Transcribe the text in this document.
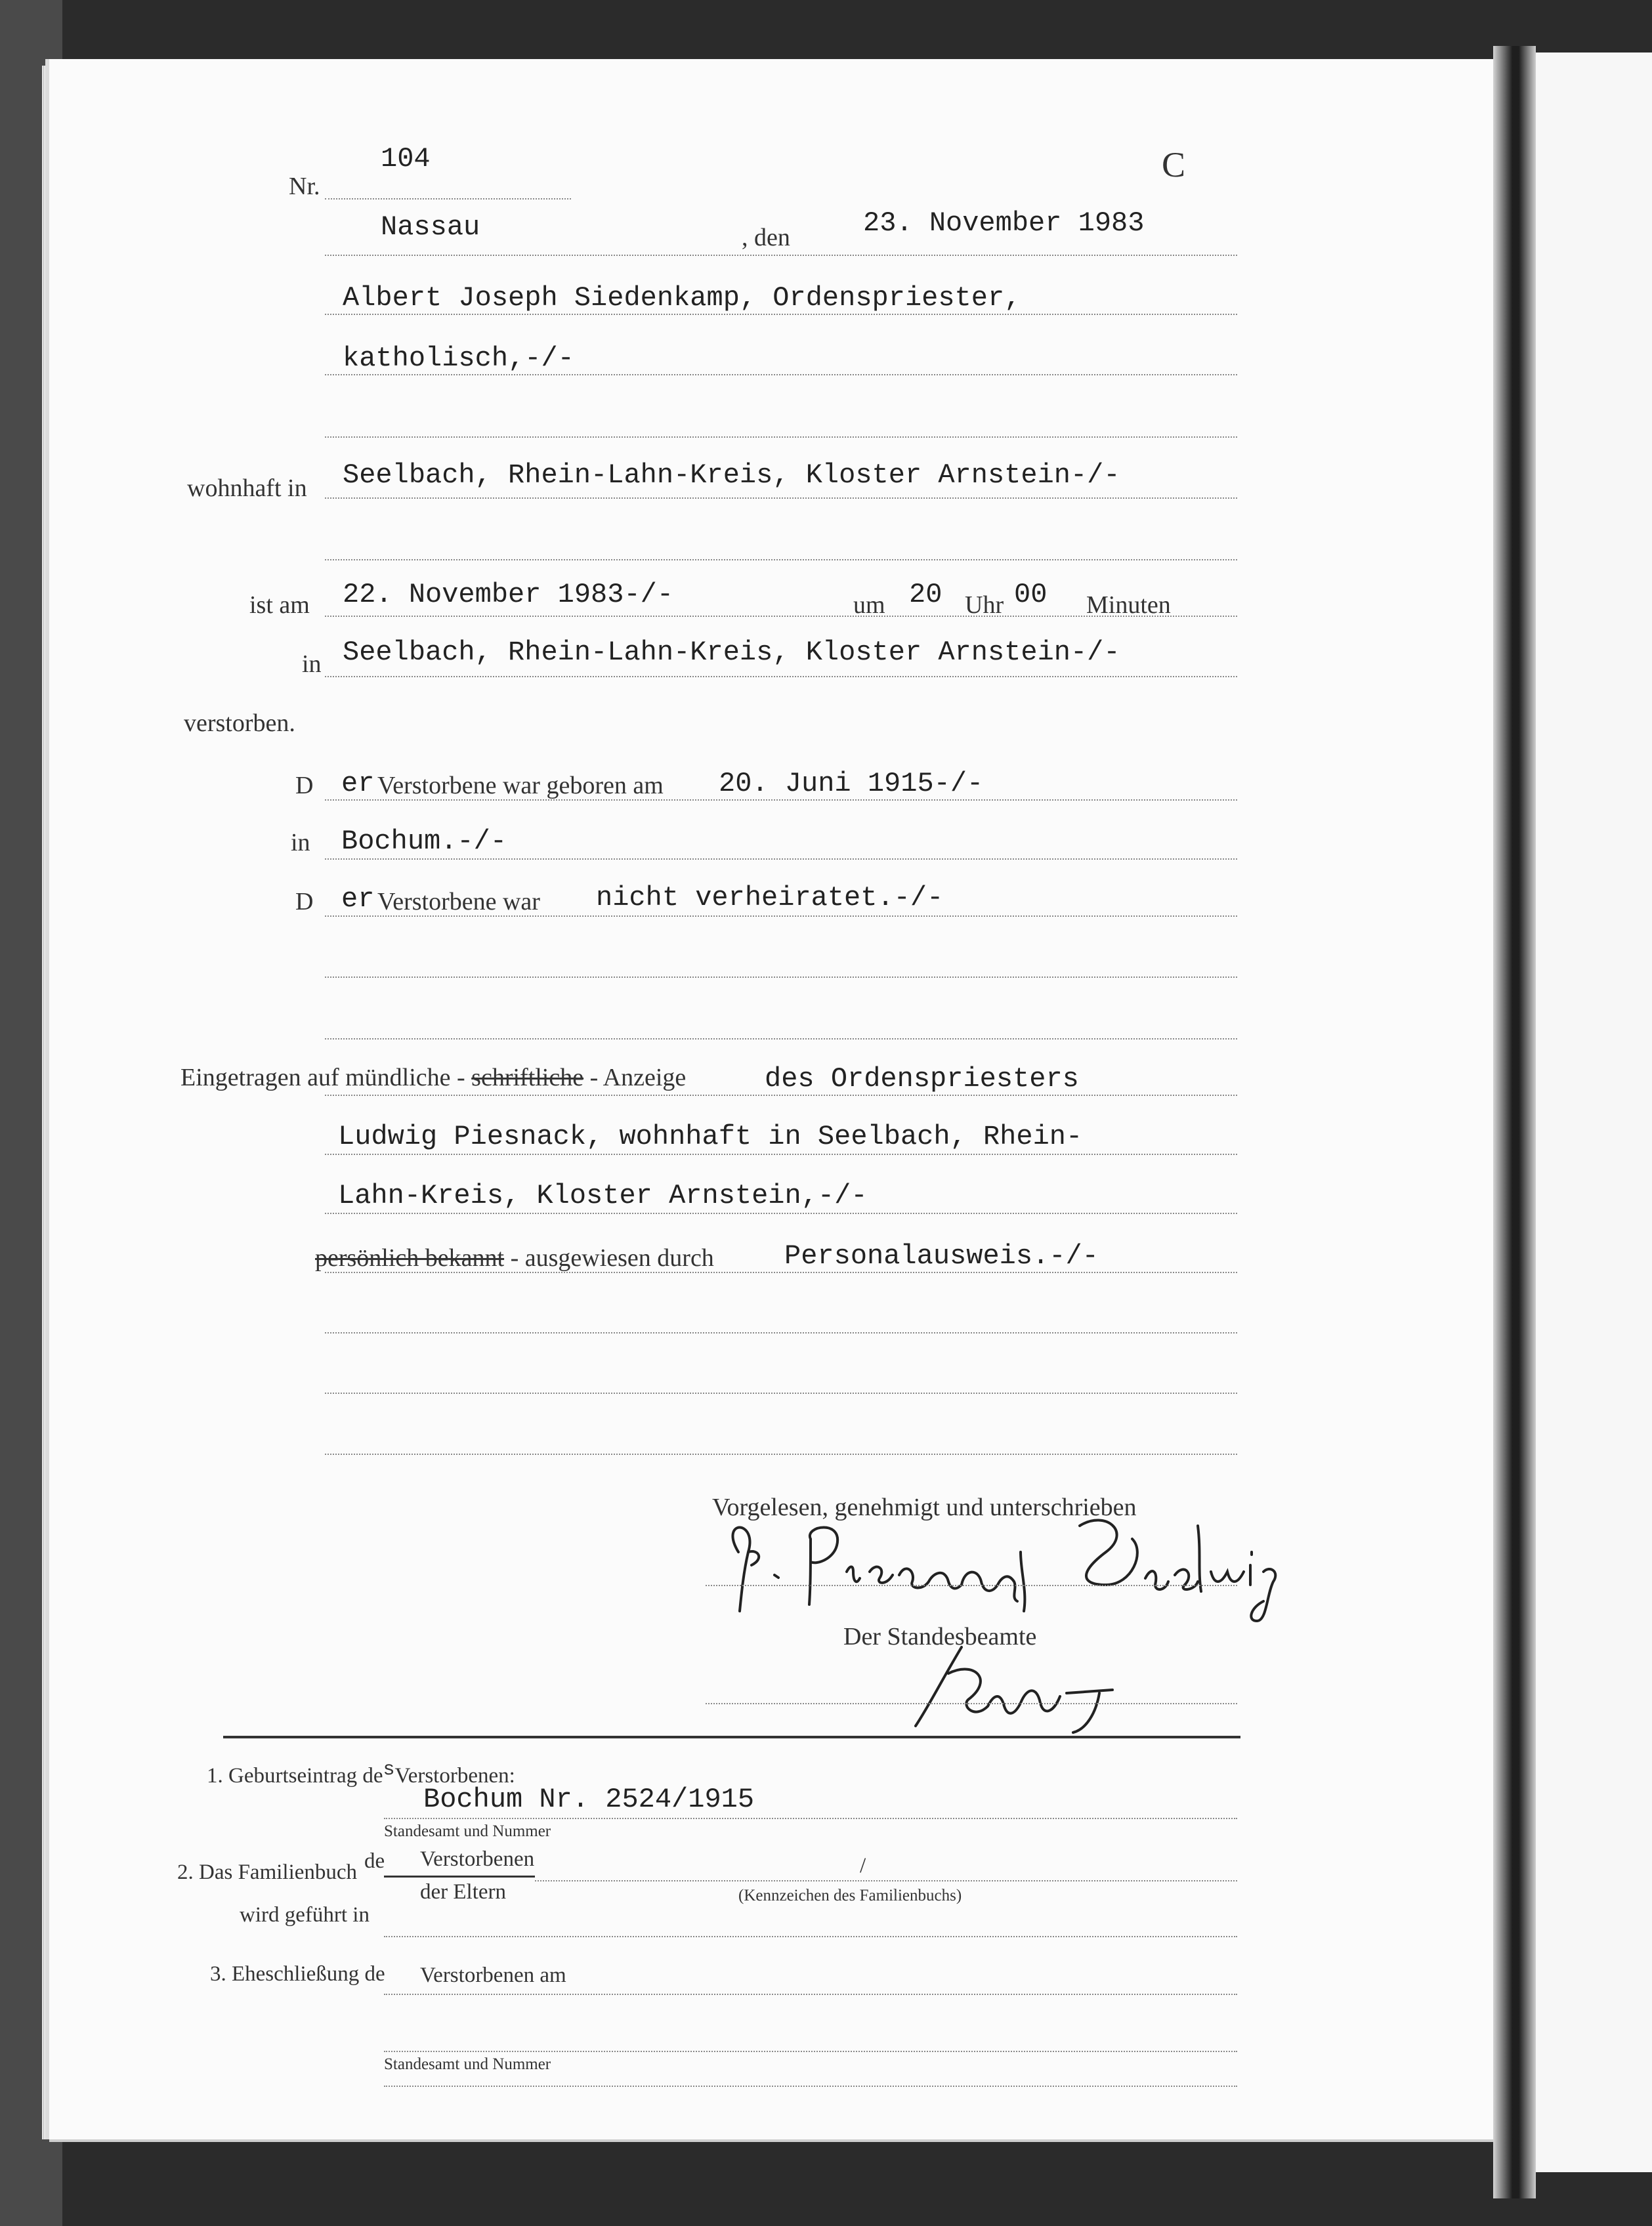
Nr.
104	C
Nassau	, den	23. November 1983
Albert Joseph Siedenkamp, Ordenspriester,
katholisch,-/-
wohnhaft in Seelbach, Rhein-Lahn-Kreis, Kloster Arnstein-/-
ist am 22. November 1983-/-	um 20 Uhr 00 Minuten
in Seelbach, Rhein-Lahn-Kreis, Kloster Arnstein-/-
verstorben.
D er Verstorbene war geboren am 20. Juni 1915-/-
in Bochum.-/-
D er Verstorbene war nicht verheiratet.-/-
Eingetragen auf mündliche - schriftliche - Anzeige	des Ordenspriesters
Ludwig Piesnack, wohnhaft in Seelbach, Rhein-
Lahn-Kreis, Kloster Arnstein,-/-
persönlich bekannt - ausgewiesen durch	Personalausweis.-/-
Vorgelesen, genehmigt und unterschrieben
Der Standesbeamte
1. Geburtseintrag $de^sVerstorbenen$:
Bochum Nr. 2524/1915
Standesamt und Nummer
2. Das Familienbuch de Verstorbenen
der Eltern
/
(Kennzeichen des Familienbuchs)
wird geführt in
3. Eheschließung de Verstorbenen am
Standesamt und Nummer
